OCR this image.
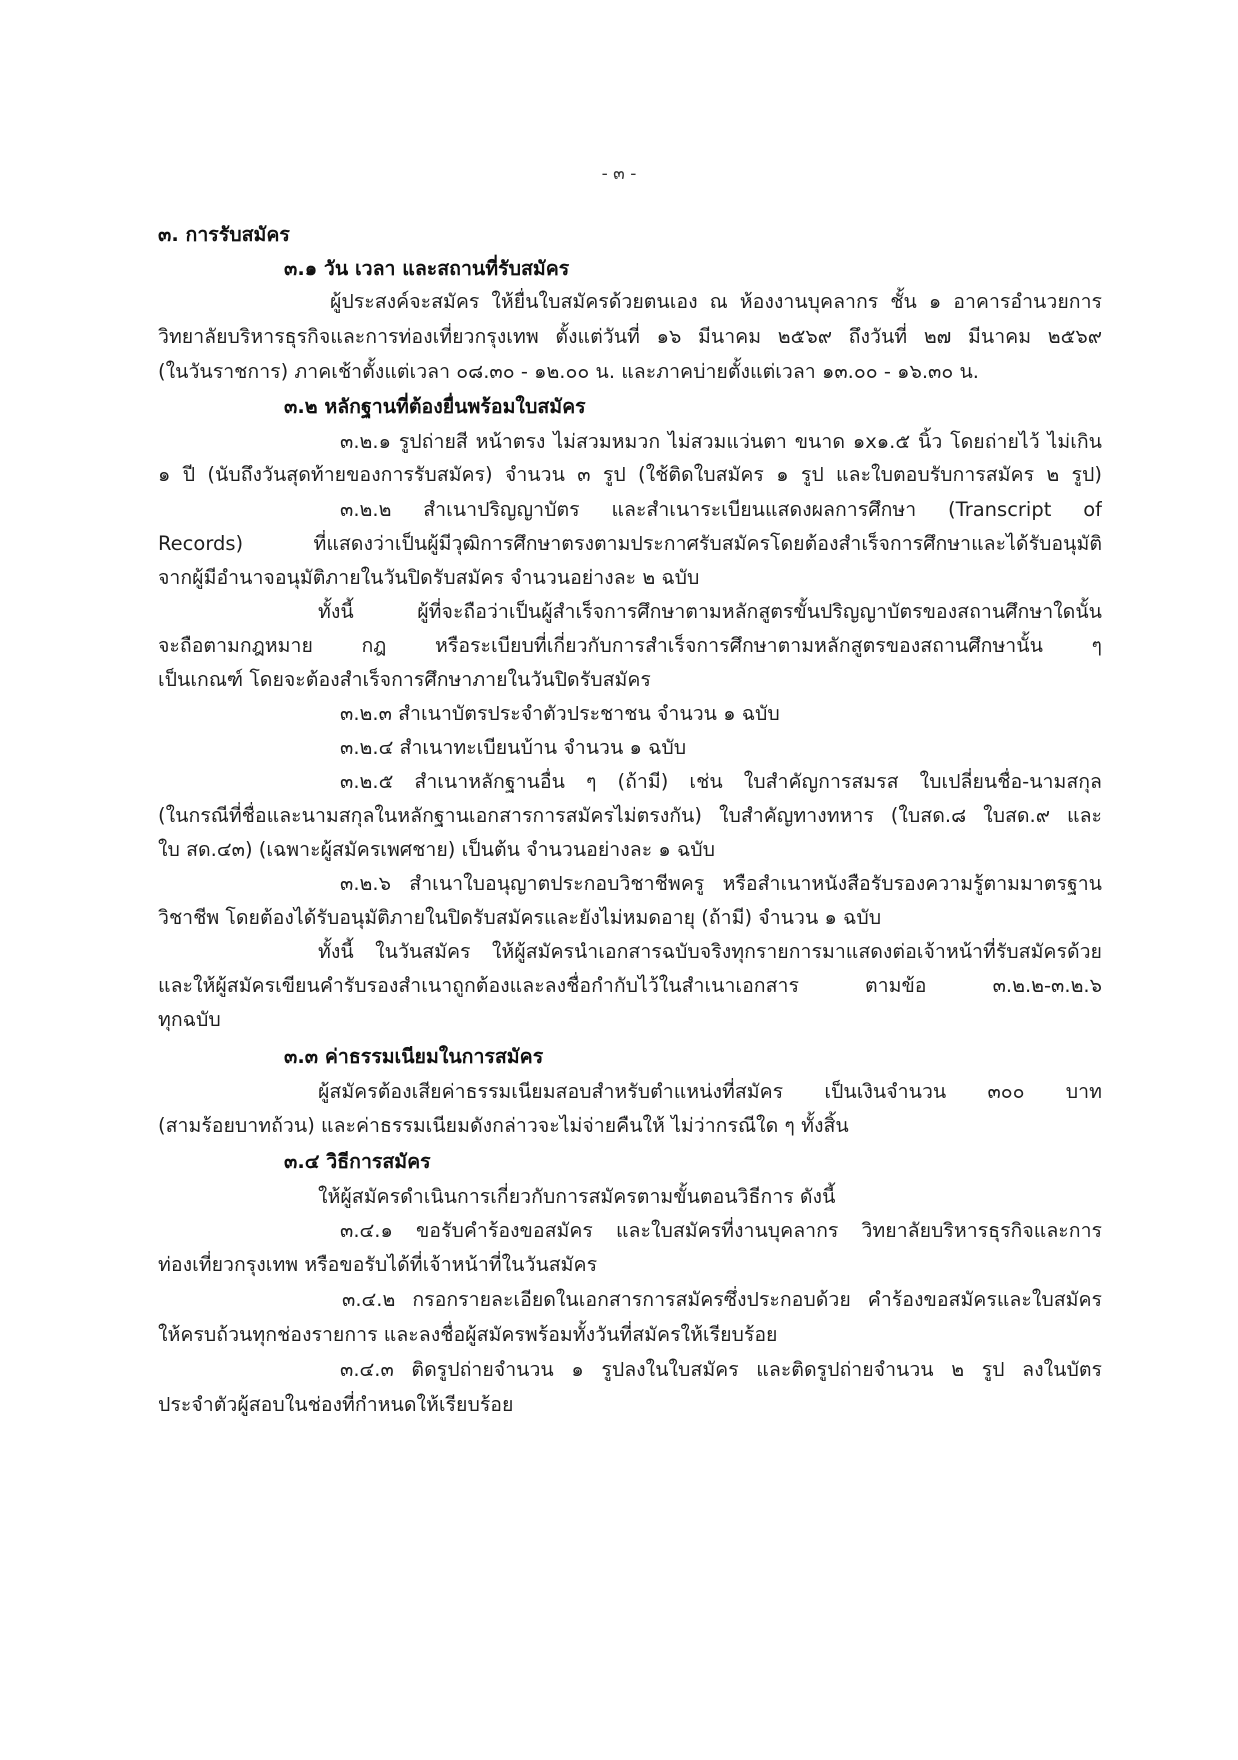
- ๓ -
๓. การรับสมัคร
๓.๑ วัน เวลา และสถานที่รับสมัคร
ผู้ประสงค์จะสมัคร ให้ยื่นใบสมัครด้วยตนเอง ณ ห้องงานบุคลากร ชั้น ๑ อาคารอำนวยการ
วิทยาลัยบริหารธุรกิจและการท่องเที่ยวกรุงเทพ ตั้งแต่วันที่ ๑๖ มีนาคม ๒๕๖๙ ถึงวันที่ ๒๗ มีนาคม ๒๕๖๙
(ในวันราชการ) ภาคเช้าตั้งแต่เวลา ๐๘.๓๐ - ๑๒.๐๐ น. และภาคบ่ายตั้งแต่เวลา ๑๓.๐๐ - ๑๖.๓๐ น.
๓.๒ หลักฐานที่ต้องยื่นพร้อมใบสมัคร
๓.๒.๑ รูปถ่ายสี หน้าตรง ไม่สวมหมวก ไม่สวมแว่นตา ขนาด ๑x๑.๕ นิ้ว โดยถ่ายไว้ ไม่เกิน
๑ ปี (นับถึงวันสุดท้ายของการรับสมัคร) จำนวน ๓ รูป (ใช้ติดใบสมัคร ๑ รูป และใบตอบรับการสมัคร ๒ รูป)
๓.๒.๒ สำเนาปริญญาบัตร และสำเนาระเบียนแสดงผลการศึกษา (Transcript of
Records) ที่แสดงว่าเป็นผู้มีวุฒิการศึกษาตรงตามประกาศรับสมัครโดยต้องสำเร็จการศึกษาและได้รับอนุมัติ
จากผู้มีอำนาจอนุมัติภายในวันปิดรับสมัคร จำนวนอย่างละ ๒ ฉบับ
ทั้งนี้ ผู้ที่จะถือว่าเป็นผู้สำเร็จการศึกษาตามหลักสูตรขั้นปริญญาบัตรของสถานศึกษาใดนั้น
จะถือตามกฎหมาย กฎ หรือระเบียบที่เกี่ยวกับการสำเร็จการศึกษาตามหลักสูตรของสถานศึกษานั้น ๆ
เป็นเกณฑ์ โดยจะต้องสำเร็จการศึกษาภายในวันปิดรับสมัคร
๓.๒.๓ สำเนาบัตรประจำตัวประชาชน จำนวน ๑ ฉบับ
๓.๒.๔ สำเนาทะเบียนบ้าน จำนวน ๑ ฉบับ
๓.๒.๕ สำเนาหลักฐานอื่น ๆ (ถ้ามี) เช่น ใบสำคัญการสมรส ใบเปลี่ยนชื่อ-นามสกุล
(ในกรณีที่ชื่อและนามสกุลในหลักฐานเอกสารการสมัครไม่ตรงกัน) ใบสำคัญทางทหาร (ใบสด.๘ ใบสด.๙ และ
ใบ สด.๔๓) (เฉพาะผู้สมัครเพศชาย) เป็นต้น จำนวนอย่างละ ๑ ฉบับ
๓.๒.๖ สำเนาใบอนุญาตประกอบวิชาชีพครู หรือสำเนาหนังสือรับรองความรู้ตามมาตรฐาน
วิชาชีพ โดยต้องได้รับอนุมัติภายในปิดรับสมัครและยังไม่หมดอายุ (ถ้ามี) จำนวน ๑ ฉบับ
ทั้งนี้ ในวันสมัคร ให้ผู้สมัครนำเอกสารฉบับจริงทุกรายการมาแสดงต่อเจ้าหน้าที่รับสมัครด้วย
และให้ผู้สมัครเขียนคำรับรองสำเนาถูกต้องและลงชื่อกำกับไว้ในสำเนาเอกสาร ตามข้อ ๓.๒.๒-๓.๒.๖
ทุกฉบับ
๓.๓ ค่าธรรมเนียมในการสมัคร
ผู้สมัครต้องเสียค่าธรรมเนียมสอบสำหรับตำแหน่งที่สมัคร เป็นเงินจำนวน ๓๐๐ บาท
(สามร้อยบาทถ้วน) และค่าธรรมเนียมดังกล่าวจะไม่จ่ายคืนให้ ไม่ว่ากรณีใด ๆ ทั้งสิ้น
๓.๔ วิธีการสมัคร
ให้ผู้สมัครดำเนินการเกี่ยวกับการสมัครตามขั้นตอนวิธีการ ดังนี้
๓.๔.๑ ขอรับคำร้องขอสมัคร และใบสมัครที่งานบุคลากร วิทยาลัยบริหารธุรกิจและการ
ท่องเที่ยวกรุงเทพ หรือขอรับได้ที่เจ้าหน้าที่ในวันสมัคร
๓.๔.๒ กรอกรายละเอียดในเอกสารการสมัครซึ่งประกอบด้วย คำร้องขอสมัครและใบสมัคร
ให้ครบถ้วนทุกช่องรายการ และลงชื่อผู้สมัครพร้อมทั้งวันที่สมัครให้เรียบร้อย
๓.๔.๓ ติดรูปถ่ายจำนวน ๑ รูปลงในใบสมัคร และติดรูปถ่ายจำนวน ๒ รูป ลงในบัตร
ประจำตัวผู้สอบในช่องที่กำหนดให้เรียบร้อย
